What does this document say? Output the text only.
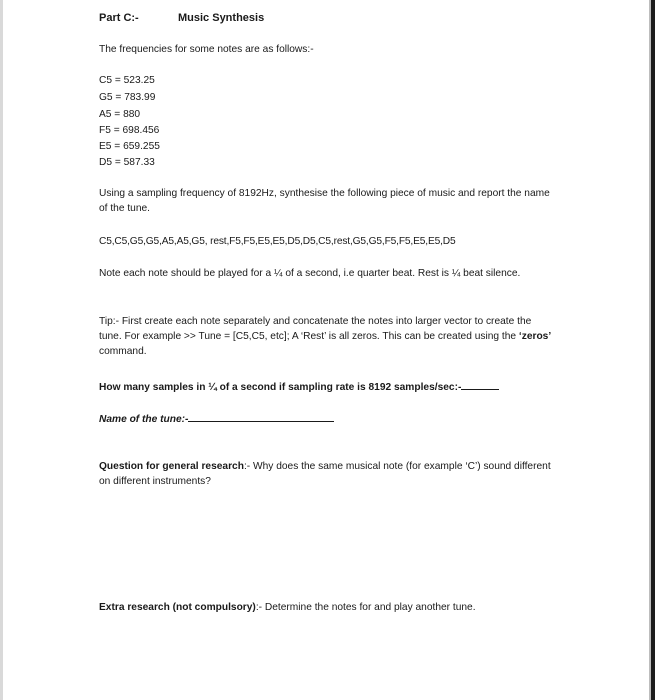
Part C:-	Music Synthesis
The frequencies for some notes are as follows:-
C5 = 523.25
G5 = 783.99
A5 = 880
F5 = 698.456
E5 = 659.255
D5 = 587.33
Using a sampling frequency of 8192Hz, synthesise the following piece of music and report the name of the tune.
C5,C5,G5,G5,A5,A5,G5, rest,F5,F5,E5,E5,D5,D5,C5,rest,G5,G5,F5,F5,E5,E5,D5
Note each note should be played for a ¼ of a second, i.e quarter beat. Rest is ¼ beat silence.
Tip:- First create each note separately and concatenate the notes into larger vector to create the tune. For example >> Tune = [C5,C5, etc]; A ‘Rest’ is all zeros. This can be created using the ‘zeros’ command.
How many samples in ¼ of a second if sampling rate is 8192 samples/sec:-
Name of the tune:-
Question for general research:- Why does the same musical note (for example ‘C’) sound different on different instruments?
Extra research (not compulsory):- Determine the notes for and play another tune.
